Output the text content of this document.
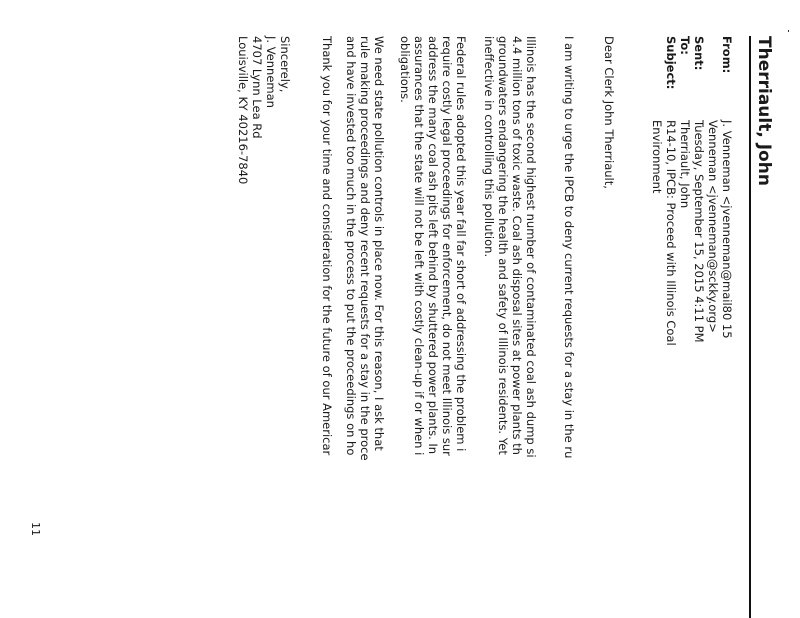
Therriault, John
From:
J. Venneman <jvenneman@mail80 15
Venneman <jvenneman@sckky.org>
Sent:
Tuesday, September 15, 2015 4:11 PM
To:
Therriault, John
Subject:
R14-10, IPCB: Proceed with Illinois Coal
Environment
Dear Clerk John Therriault,
I am writing to urge the IPCB to deny current requests for a stay in the ru
Illinois has the second highest number of contaminated coal ash dump si
4.4 million tons of toxic waste. Coal ash disposal sites at power plants th
groundwaters endangering the health and safety of Illinois residents. Yet
ineffective in controlling this pollution.
Federal rules adopted this year fall far short of addressing the problem i
require costly legal proceedings for enforcement, do not meet Illinois sur
address the many coal ash pits left behind by shuttered power plants. In
assurances that the state will not be left with costly clean-up if or when i
obligations.
We need state pollution controls in place now. For this reason, I ask that
rule making proceedings and deny recent requests for a stay in the proce
and have invested too much in the process to put the proceedings on ho
Thank you for your time and consideration for the future of our Americar
Sincerely,
J. Venneman
4707 Lynn Lea Rd
Louisville, KY 40216-7840
11
